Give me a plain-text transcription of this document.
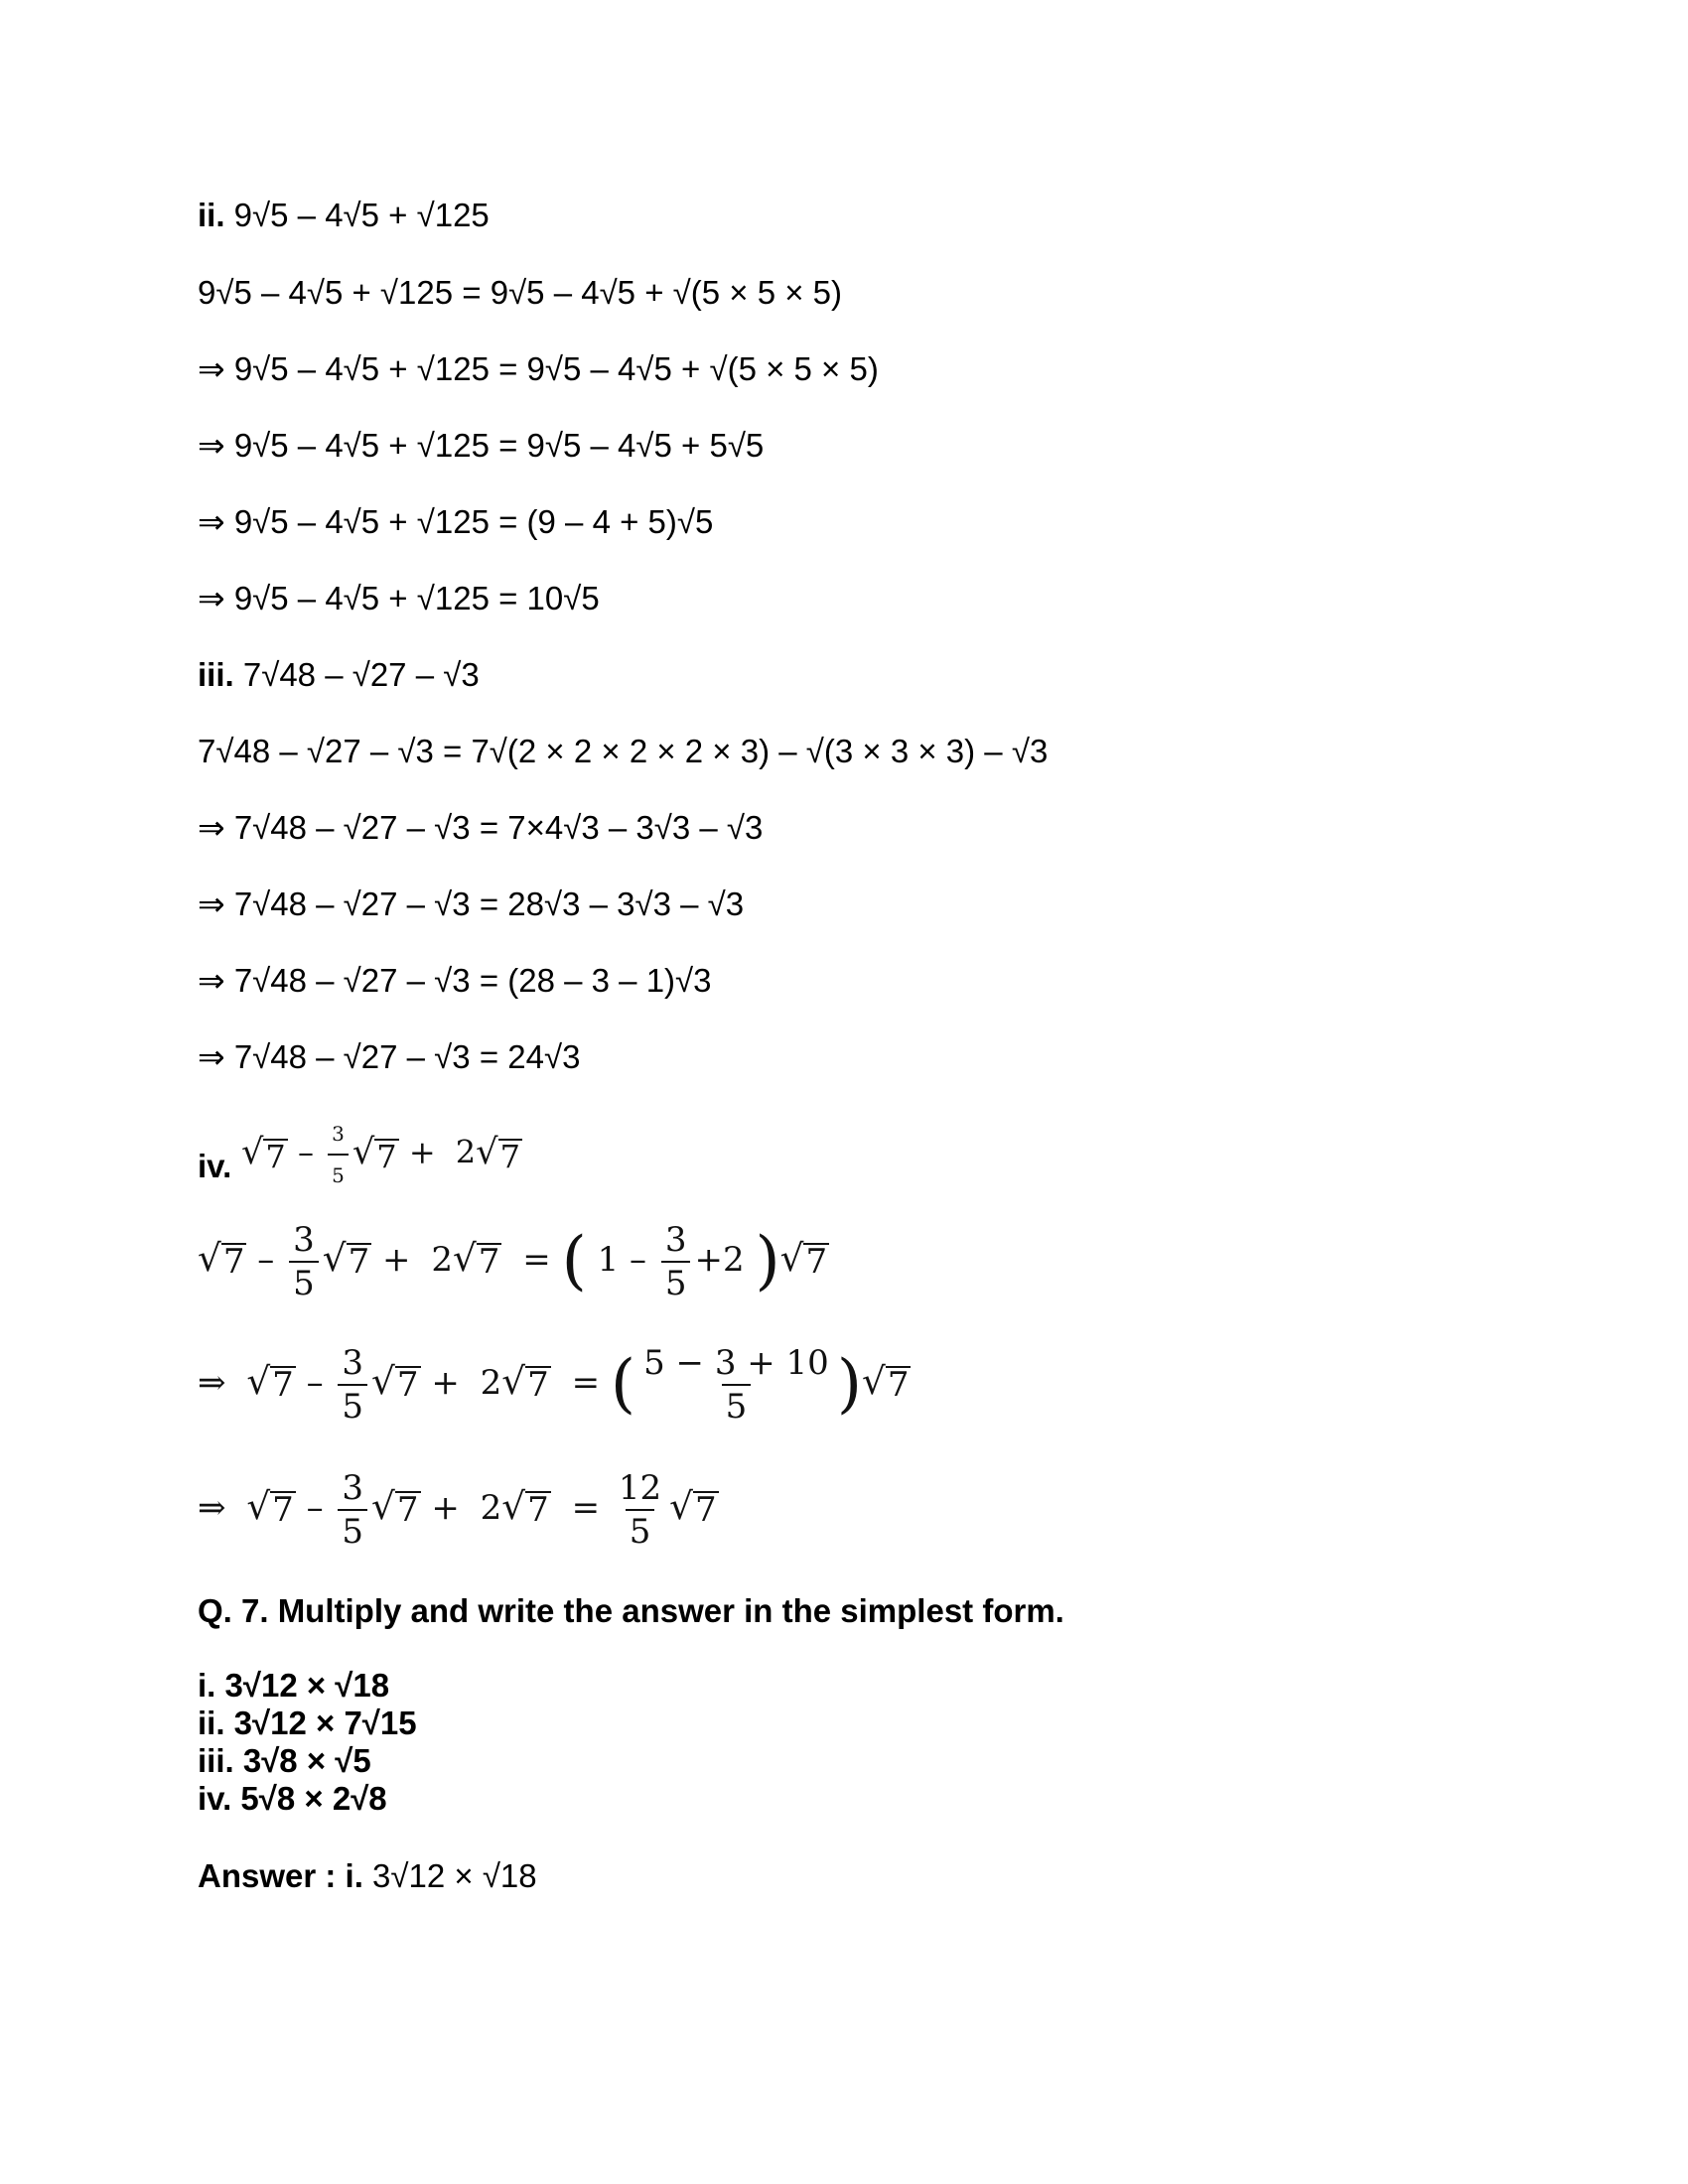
ii. 9√5 – 4√5 + √125
9√5 – 4√5 + √125 = 9√5 – 4√5 + √(5 × 5 × 5)
⇒ 9√5 – 4√5 + √125 = 9√5 – 4√5 + √(5 × 5 × 5)
⇒ 9√5 – 4√5 + √125 = 9√5 – 4√5 + 5√5
⇒ 9√5 – 4√5 + √125 = (9 – 4 + 5)√5
⇒ 9√5 – 4√5 + √125 = 10√5
iii. 7√48 – √27 – √3
7√48 – √27 – √3 = 7√(2 × 2 × 2 × 2 × 3) – √(3 × 3 × 3) – √3
⇒ 7√48 – √27 – √3 = 7×4√3 – 3√3 – √3
⇒ 7√48 – √27 – √3 = 28√3 – 3√3 – √3
⇒ 7√48 – √27 – √3 = (28 – 3 – 1)√3
⇒ 7√48 – √27 – √3 = 24√3
iv. √ $7 - \frac{3}{5}$ √ 7 + 2 √ 7
√ $7 - \frac{3}{5}$ √ 7 + 2 √ 7 = ( $1 - \frac{3}{5} +2$ ) √ 7
⇒ √ $7 - \frac{3}{5}$ √ 7 + 2 √ 7 = ( $\frac{5 - 3 + 10}{5}$ ) √ 7
⇒ √ $7 - \frac{3}{5}$ √ 7 + 2 √ $7 = \frac{12}{5}$ √ 7
Q. 7. Multiply and write the answer in the simplest form.
i. 3√12 × √18
ii. 3√12 × 7√15
iii. 3√8 × √5
iv. 5√8 × 2√8
Answer : i. 3√12 × √18
